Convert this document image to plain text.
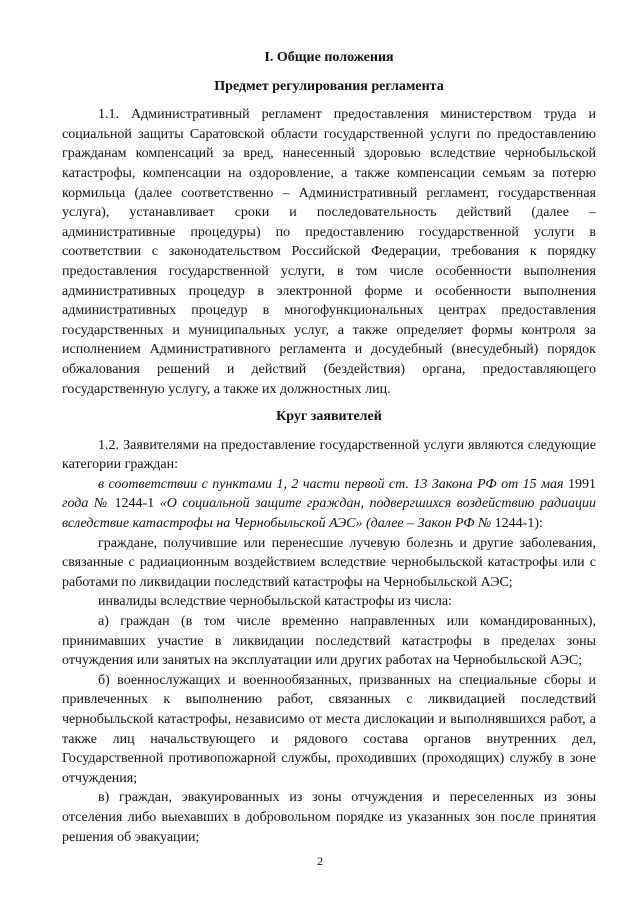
I. Общие положения
Предмет регулирования регламента

1.1. Административный регламент предоставления министерством труда и социальной защиты Саратовской области государственной услуги по предоставлению гражданам компенсаций за вред, нанесенный здоровью вследствие чернобыльской катастрофы, компенсации на оздоровление, а также компенсации семьям за потерю кормильца (далее соответственно – Административный регламент, государственная услуга), устанавливает сроки и последовательность действий (далее – административные процедуры) по предоставлению государственной услуги в соответствии с законодательством Российской Федерации, требования к порядку предоставления государственной услуги, в том числе особенности выполнения административных процедур в электронной форме и особенности выполнения административных процедур в многофункциональных центрах предоставления государственных и муниципальных услуг, а также определяет формы контроля за исполнением Административного регламента и досудебный (внесудебный) порядок обжалования решений и действий (бездействия) органа, предоставляющего государственную услугу, а также их должностных лиц.

Круг заявителей

1.2. Заявителями на предоставление государственной услуги являются следующие категории граждан:

в соответствии с пунктами 1, 2 части первой ст. 13 Закона РФ от 15 мая 1991 года № 1244-1 «О социальной защите граждан, подвергшихся воздействию радиации вследствие катастрофы на Чернобыльской АЭС» (далее – Закон РФ № 1244-1):

граждане, получившие или перенесшие лучевую болезнь и другие заболевания, связанные с радиационным воздействием вследствие чернобыльской катастрофы или с работами по ликвидации последствий катастрофы на Чернобыльской АЭС;

инвалиды вследствие чернобыльской катастрофы из числа:

а) граждан (в том числе временно направленных или командированных), принимавших участие в ликвидации последствий катастрофы в пределах зоны отчуждения или занятых на эксплуатации или других работах на Чернобыльской АЭС;

б) военнослужащих и военнообязанных, призванных на специальные сборы и привлеченных к выполнению работ, связанных с ликвидацией последствий чернобыльской катастрофы, независимо от места дислокации и выполнявшихся работ, а также лиц начальствующего и рядового состава органов внутренних дел, Государственной противопожарной службы, проходивших (проходящих) службу в зоне отчуждения;

в) граждан, эвакуированных из зоны отчуждения и переселенных из зоны отселения либо выехавших в добровольном порядке из указанных зон после принятия решения об эвакуации;

2
